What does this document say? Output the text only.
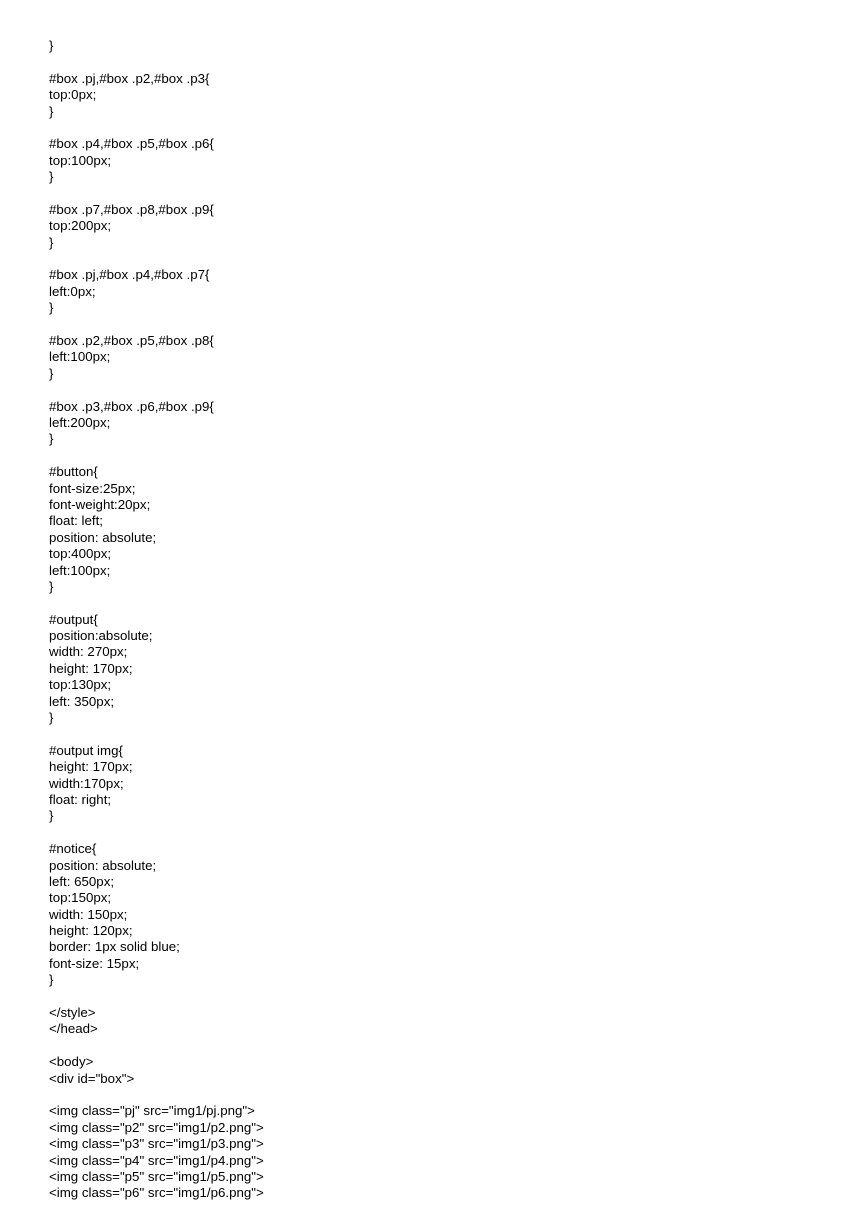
}
#box .pj,#box .p2,#box .p3{
top:0px;
}
#box .p4,#box .p5,#box .p6{
top:100px;
}
#box .p7,#box .p8,#box .p9{
top:200px;
}
#box .pj,#box .p4,#box .p7{
left:0px;
}
#box .p2,#box .p5,#box .p8{
left:100px;
}
#box .p3,#box .p6,#box .p9{
left:200px;
}
#button{
font-size:25px;
font-weight:20px;
float: left;
position: absolute;
top:400px;
left:100px;
}
#output{
position:absolute;
width: 270px;
height: 170px;
top:130px;
left: 350px;
}
#output img{
height: 170px;
width:170px;
float: right;
}
#notice{
position: absolute;
left: 650px;
top:150px;
width: 150px;
height: 120px;
border: 1px solid blue;
font-size: 15px;
}
</style>
</head>
<body>
<div id="box">
<img class="pj" src="img1/pj.png">
<img class="p2" src="img1/p2.png">
<img class="p3" src="img1/p3.png">
<img class="p4" src="img1/p4.png">
<img class="p5" src="img1/p5.png">
<img class="p6" src="img1/p6.png">
